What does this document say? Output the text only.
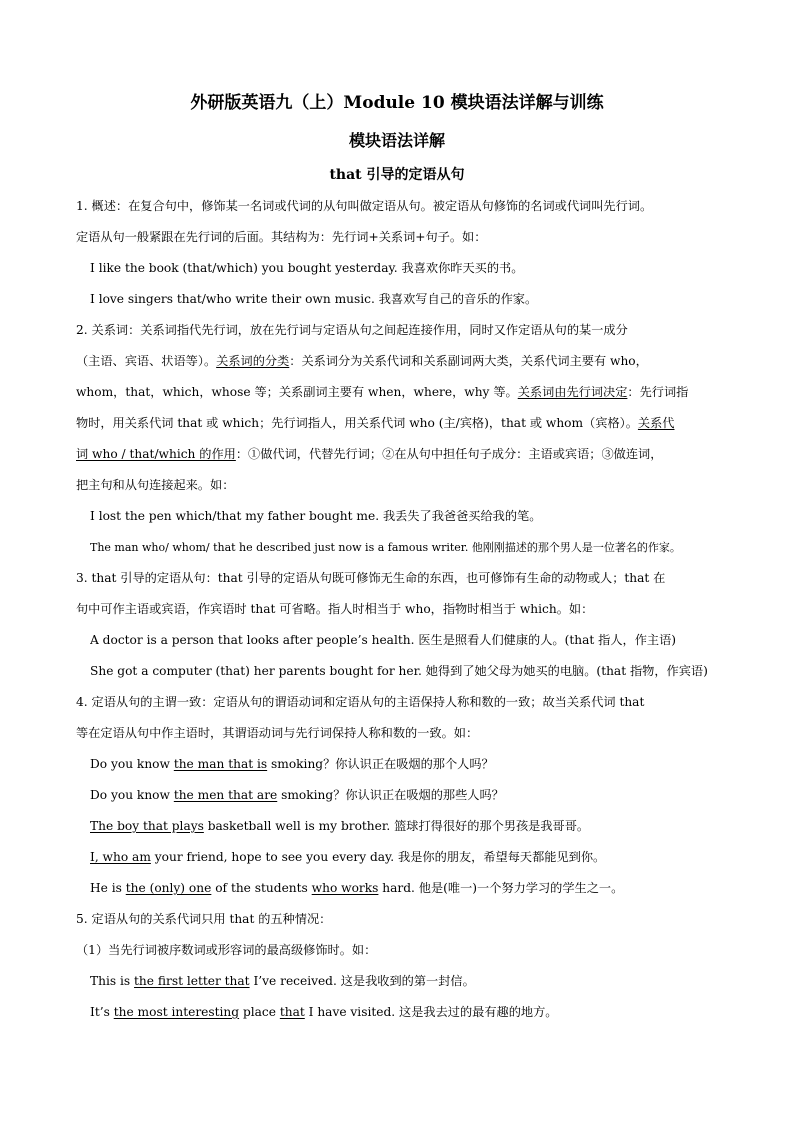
外研版英语九（上）Module 10 模块语法详解与训练
模块语法详解
that 引导的定语从句
1. 概述：在复合句中，修饰某一名词或代词的从句叫做定语从句。被定语从句修饰的名词或代词叫先行词。
定语从句一般紧跟在先行词的后面。其结构为：先行词+关系词+句子。如：
I like the book (that/which) you bought yesterday. 我喜欢你昨天买的书。
I love singers that/who write their own music. 我喜欢写自己的音乐的作家。
2. 关系词：关系词指代先行词，放在先行词与定语从句之间起连接作用，同时又作定语从句的某一成分
（主语、宾语、状语等）。关系词的分类：关系词分为关系代词和关系副词两大类，关系代词主要有 who，
whom，that，which，whose 等；关系副词主要有 when，where，why 等。关系词由先行词决定：先行词指
物时，用关系代词 that 或 which；先行词指人，用关系代词 who (主/宾格)，that 或 whom（宾格）。关系代
词 who / that/which 的作用：①做代词，代替先行词；②在从句中担任句子成分：主语或宾语；③做连词，
把主句和从句连接起来。如：
I lost the pen which/that my father bought me. 我丢失了我爸爸买给我的笔。
The man who/ whom/ that he described just now is a famous writer. 他刚刚描述的那个男人是一位著名的作家。
3. that 引导的定语从句：that 引导的定语从句既可修饰无生命的东西，也可修饰有生命的动物或人；that 在
句中可作主语或宾语，作宾语时 that 可省略。指人时相当于 who，指物时相当于 which。如：
A doctor is a person that looks after people’s health. 医生是照看人们健康的人。(that 指人，作主语)
She got a computer (that) her parents bought for her. 她得到了她父母为她买的电脑。(that 指物，作宾语)
4. 定语从句的主谓一致：定语从句的谓语动词和定语从句的主语保持人称和数的一致；故当关系代词 that
等在定语从句中作主语时，其谓语动词与先行词保持人称和数的一致。如：
Do you know the man that is smoking？你认识正在吸烟的那个人吗？
Do you know the men that are smoking？你认识正在吸烟的那些人吗？
The boy that plays basketball well is my brother. 篮球打得很好的那个男孩是我哥哥。
I, who am your friend, hope to see you every day. 我是你的朋友，希望每天都能见到你。
He is the (only) one of the students who works hard. 他是(唯一)一个努力学习的学生之一。
5. 定语从句的关系代词只用 that 的五种情况：
（1）当先行词被序数词或形容词的最高级修饰时。如：
This is the first letter that I’ve received. 这是我收到的第一封信。
It’s the most interesting place that I have visited. 这是我去过的最有趣的地方。
